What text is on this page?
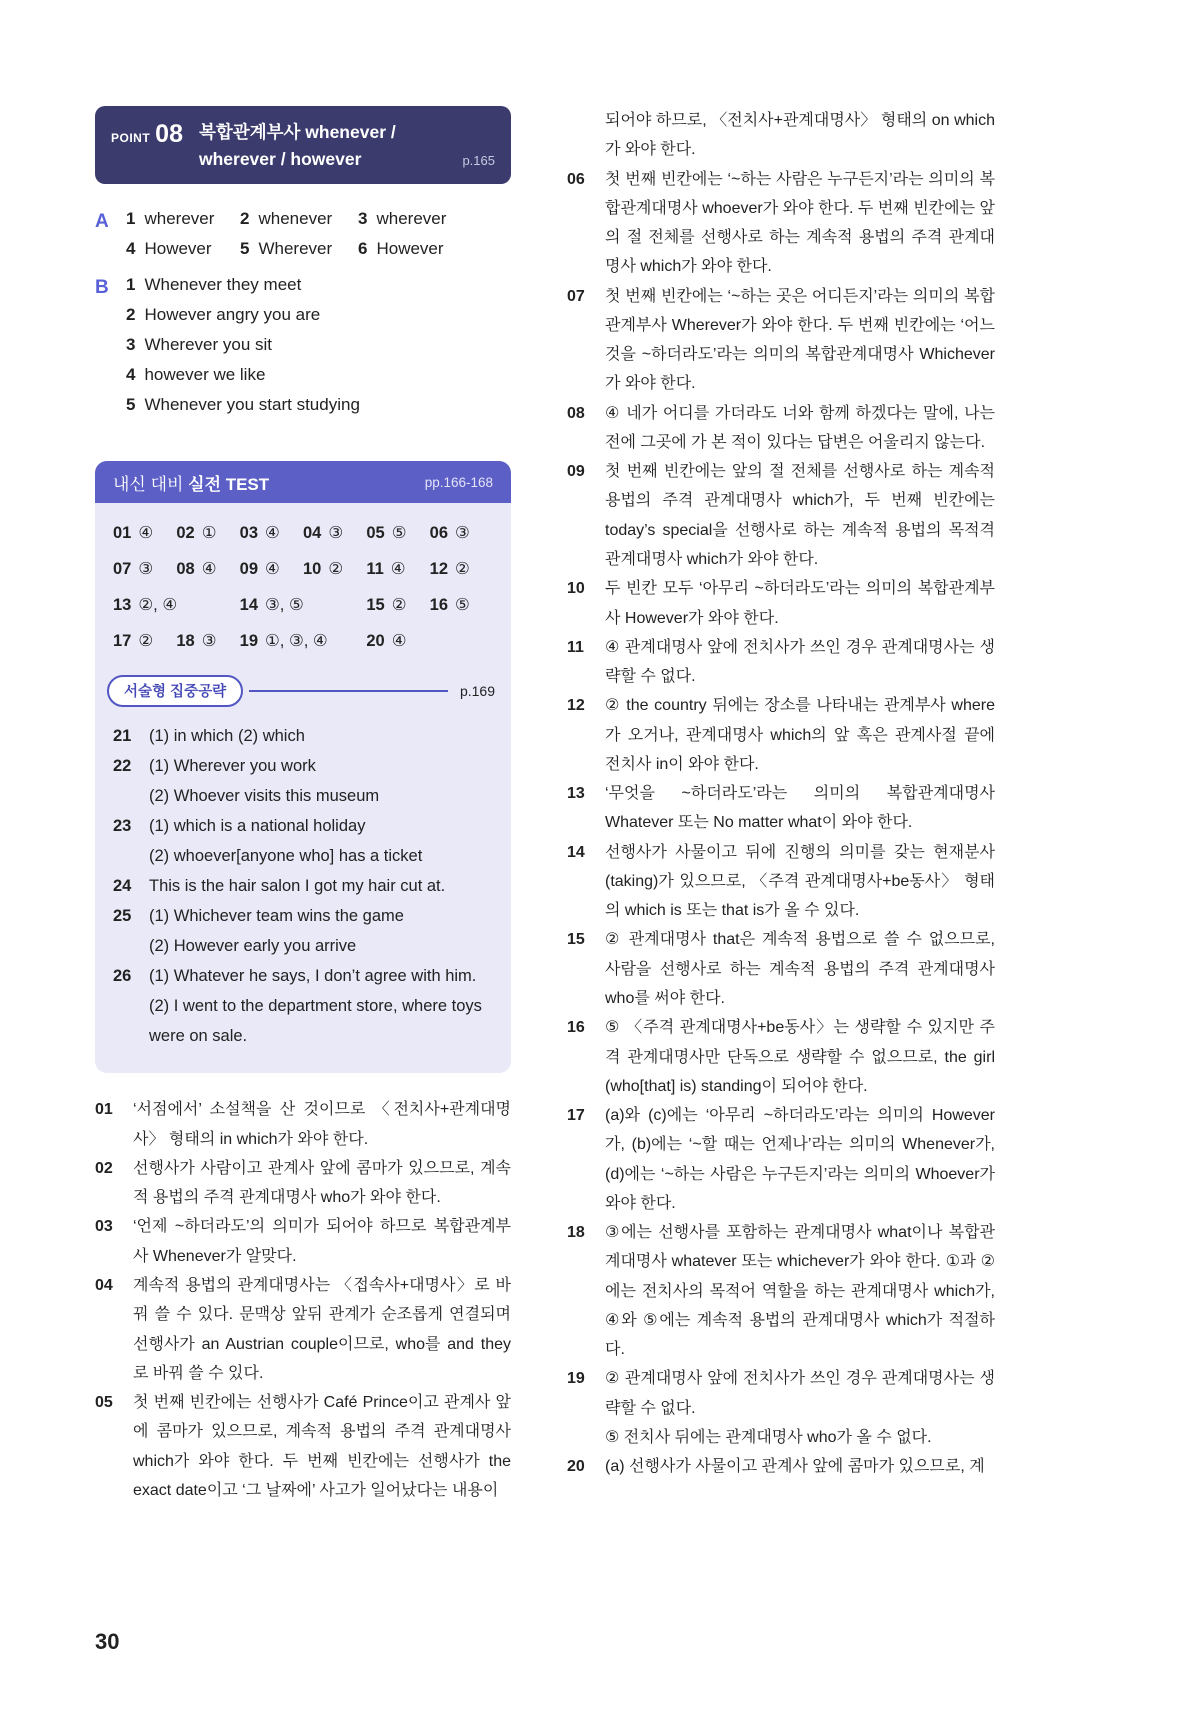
POINT 08 복합관계부사 whenever /
wherever / however	p.165
A	1 wherever	2 whenever	3 wherever
4 However	5 Wherever	6 However
B	1 Whenever they meet
2 However angry you are
3 Wherever you sit
4 however we like
5 Whenever you start studying
내신 대비 실전 TEST	pp.166-168
01 ④	02 ①	03 ④	04 ③	05 ⑤	06 ③
07 ③	08 ④	09 ④	10 ②	11 ④	12 ②
13 ②, ④	14 ③, ⑤	15 ②	16 ⑤
17 ②	18 ③	19 ①, ③, ④	20 ④
서술형 집중공략	p.169
21	(1) in which (2) which
22	(1) Wherever you work
(2) Whoever visits this museum
23	(1) which is a national holiday
(2) whoever[anyone who] has a ticket
24	This is the hair salon I got my hair cut at.
25	(1) Whichever team wins the game
(2) However early you arrive
26	(1) Whatever he says, I don’t agree with him.
(2) I went to the department store, where toys were on sale.
01	‘서점에서’ 소설책을 산 것이므로 〈전치사+관계대명사〉 형태의 in which가 와야 한다.
02	선행사가 사람이고 관계사 앞에 콤마가 있으므로, 계속적 용법의 주격 관계대명사 who가 와야 한다.
03	‘언제 ~하더라도’의 의미가 되어야 하므로 복합관계부사 Whenever가 알맞다.
04	계속적 용법의 관계대명사는 〈접속사+대명사〉로 바꿔 쓸 수 있다. 문맥상 앞뒤 관계가 순조롭게 연결되며 선행사가 an Austrian couple이므로, who를 and they로 바꿔 쓸 수 있다.
05	첫 번째 빈칸에는 선행사가 Café Prince이고 관계사 앞에 콤마가 있으므로, 계속적 용법의 주격 관계대명사 which가 와야 한다. 두 번째 빈칸에는 선행사가 the exact date이고 ‘그 날짜에’ 사고가 일어났다는 내용이
되어야 하므로, 〈전치사+관계대명사〉 형태의 on which가 와야 한다.
06	첫 번째 빈칸에는 ‘~하는 사람은 누구든지’라는 의미의 복합관계대명사 whoever가 와야 한다. 두 번째 빈칸에는 앞의 절 전체를 선행사로 하는 계속적 용법의 주격 관계대명사 which가 와야 한다.
07	첫 번째 빈칸에는 ‘~하는 곳은 어디든지’라는 의미의 복합관계부사 Wherever가 와야 한다. 두 번째 빈칸에는 ‘어느 것을 ~하더라도’라는 의미의 복합관계대명사 Whichever가 와야 한다.
08	④ 네가 어디를 가더라도 너와 함께 하겠다는 말에, 나는 전에 그곳에 가 본 적이 있다는 답변은 어울리지 않는다.
09	첫 번째 빈칸에는 앞의 절 전체를 선행사로 하는 계속적 용법의 주격 관계대명사 which가, 두 번째 빈칸에는 today’s special을 선행사로 하는 계속적 용법의 목적격 관계대명사 which가 와야 한다.
10	두 빈칸 모두 ‘아무리 ~하더라도’라는 의미의 복합관계부사 However가 와야 한다.
11	④ 관계대명사 앞에 전치사가 쓰인 경우 관계대명사는 생략할 수 없다.
12	② the country 뒤에는 장소를 나타내는 관계부사 where가 오거나, 관계대명사 which의 앞 혹은 관계사절 끝에 전치사 in이 와야 한다.
13	‘무엇을 ~하더라도’라는 의미의 복합관계대명사 Whatever 또는 No matter what이 와야 한다.
14	선행사가 사물이고 뒤에 진행의 의미를 갖는 현재분사 (taking)가 있으므로, 〈주격 관계대명사+be동사〉 형태의 which is 또는 that is가 올 수 있다.
15	② 관계대명사 that은 계속적 용법으로 쓸 수 없으므로, 사람을 선행사로 하는 계속적 용법의 주격 관계대명사 who를 써야 한다.
16	⑤ 〈주격 관계대명사+be동사〉는 생략할 수 있지만 주격 관계대명사만 단독으로 생략할 수 없으므로, the girl (who[that] is) standing이 되어야 한다.
17	(a)와 (c)에는 ‘아무리 ~하더라도’라는 의미의 However가, (b)에는 ‘~할 때는 언제나’라는 의미의 Whenever가, (d)에는 ‘~하는 사람은 누구든지’라는 의미의 Whoever가 와야 한다.
18	③에는 선행사를 포함하는 관계대명사 what이나 복합관계대명사 whatever 또는 whichever가 와야 한다. ①과 ②에는 전치사의 목적어 역할을 하는 관계대명사 which가, ④와 ⑤에는 계속적 용법의 관계대명사 which가 적절하다.
19	② 관계대명사 앞에 전치사가 쓰인 경우 관계대명사는 생략할 수 없다.
⑤ 전치사 뒤에는 관계대명사 who가 올 수 없다.
20	(a) 선행사가 사물이고 관계사 앞에 콤마가 있으므로, 계
30
